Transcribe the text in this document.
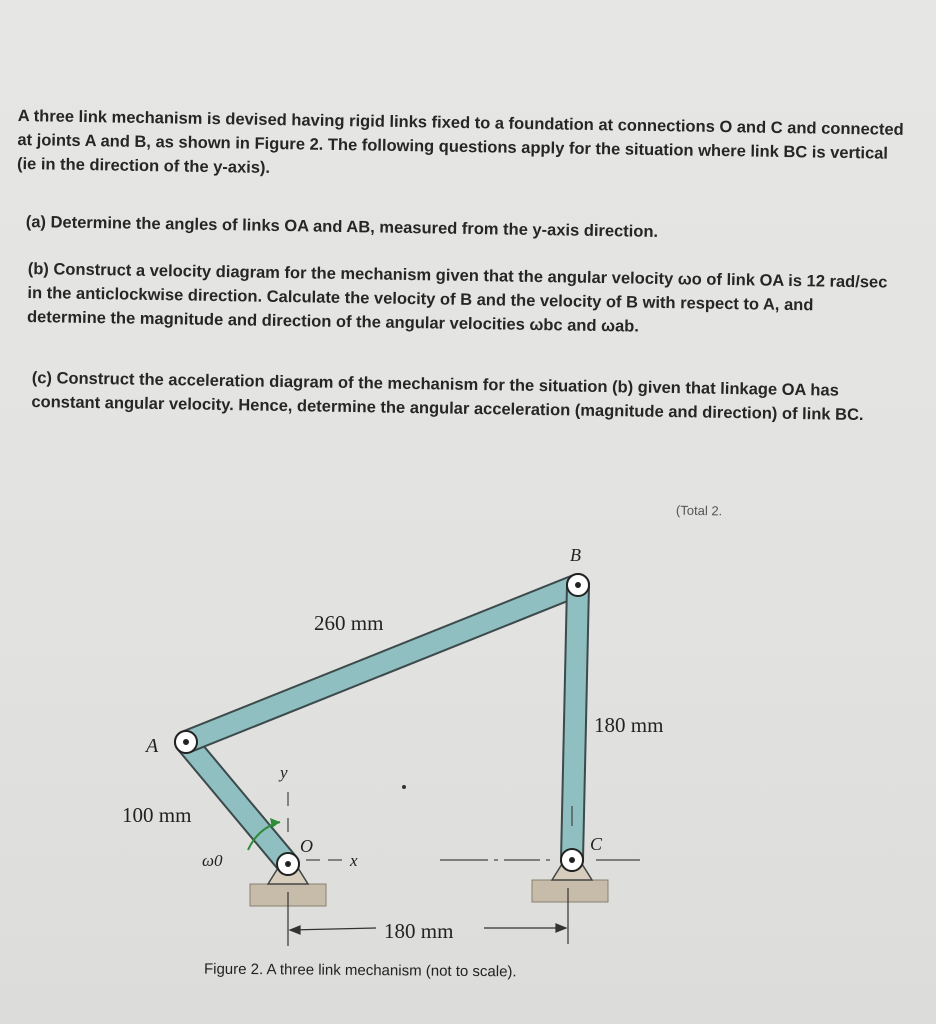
A three link mechanism is devised having rigid links fixed to a foundation at connections O and C and connected at joints A and B, as shown in Figure 2. The following questions apply for the situation where link BC is vertical (ie in the direction of the y-axis).

(a) Determine the angles of links OA and AB, measured from the y-axis direction.

(b) Construct a velocity diagram for the mechanism given that the angular velocity ωo of link OA is 12 rad/sec in the anticlockwise direction. Calculate the velocity of B and the velocity of B with respect to A, and determine the magnitude and direction of the angular velocities ωbc and ωab.

(c) Construct the acceleration diagram of the mechanism for the situation (b) given that linkage OA has constant angular velocity. Hence, determine the angular acceleration (magnitude and direction) of link BC.

(Total 2.
A
B
C
O
x
y
ω0
260 mm
180 mm
100 mm
180 mm
Figure 2. A three link mechanism (not to scale).
